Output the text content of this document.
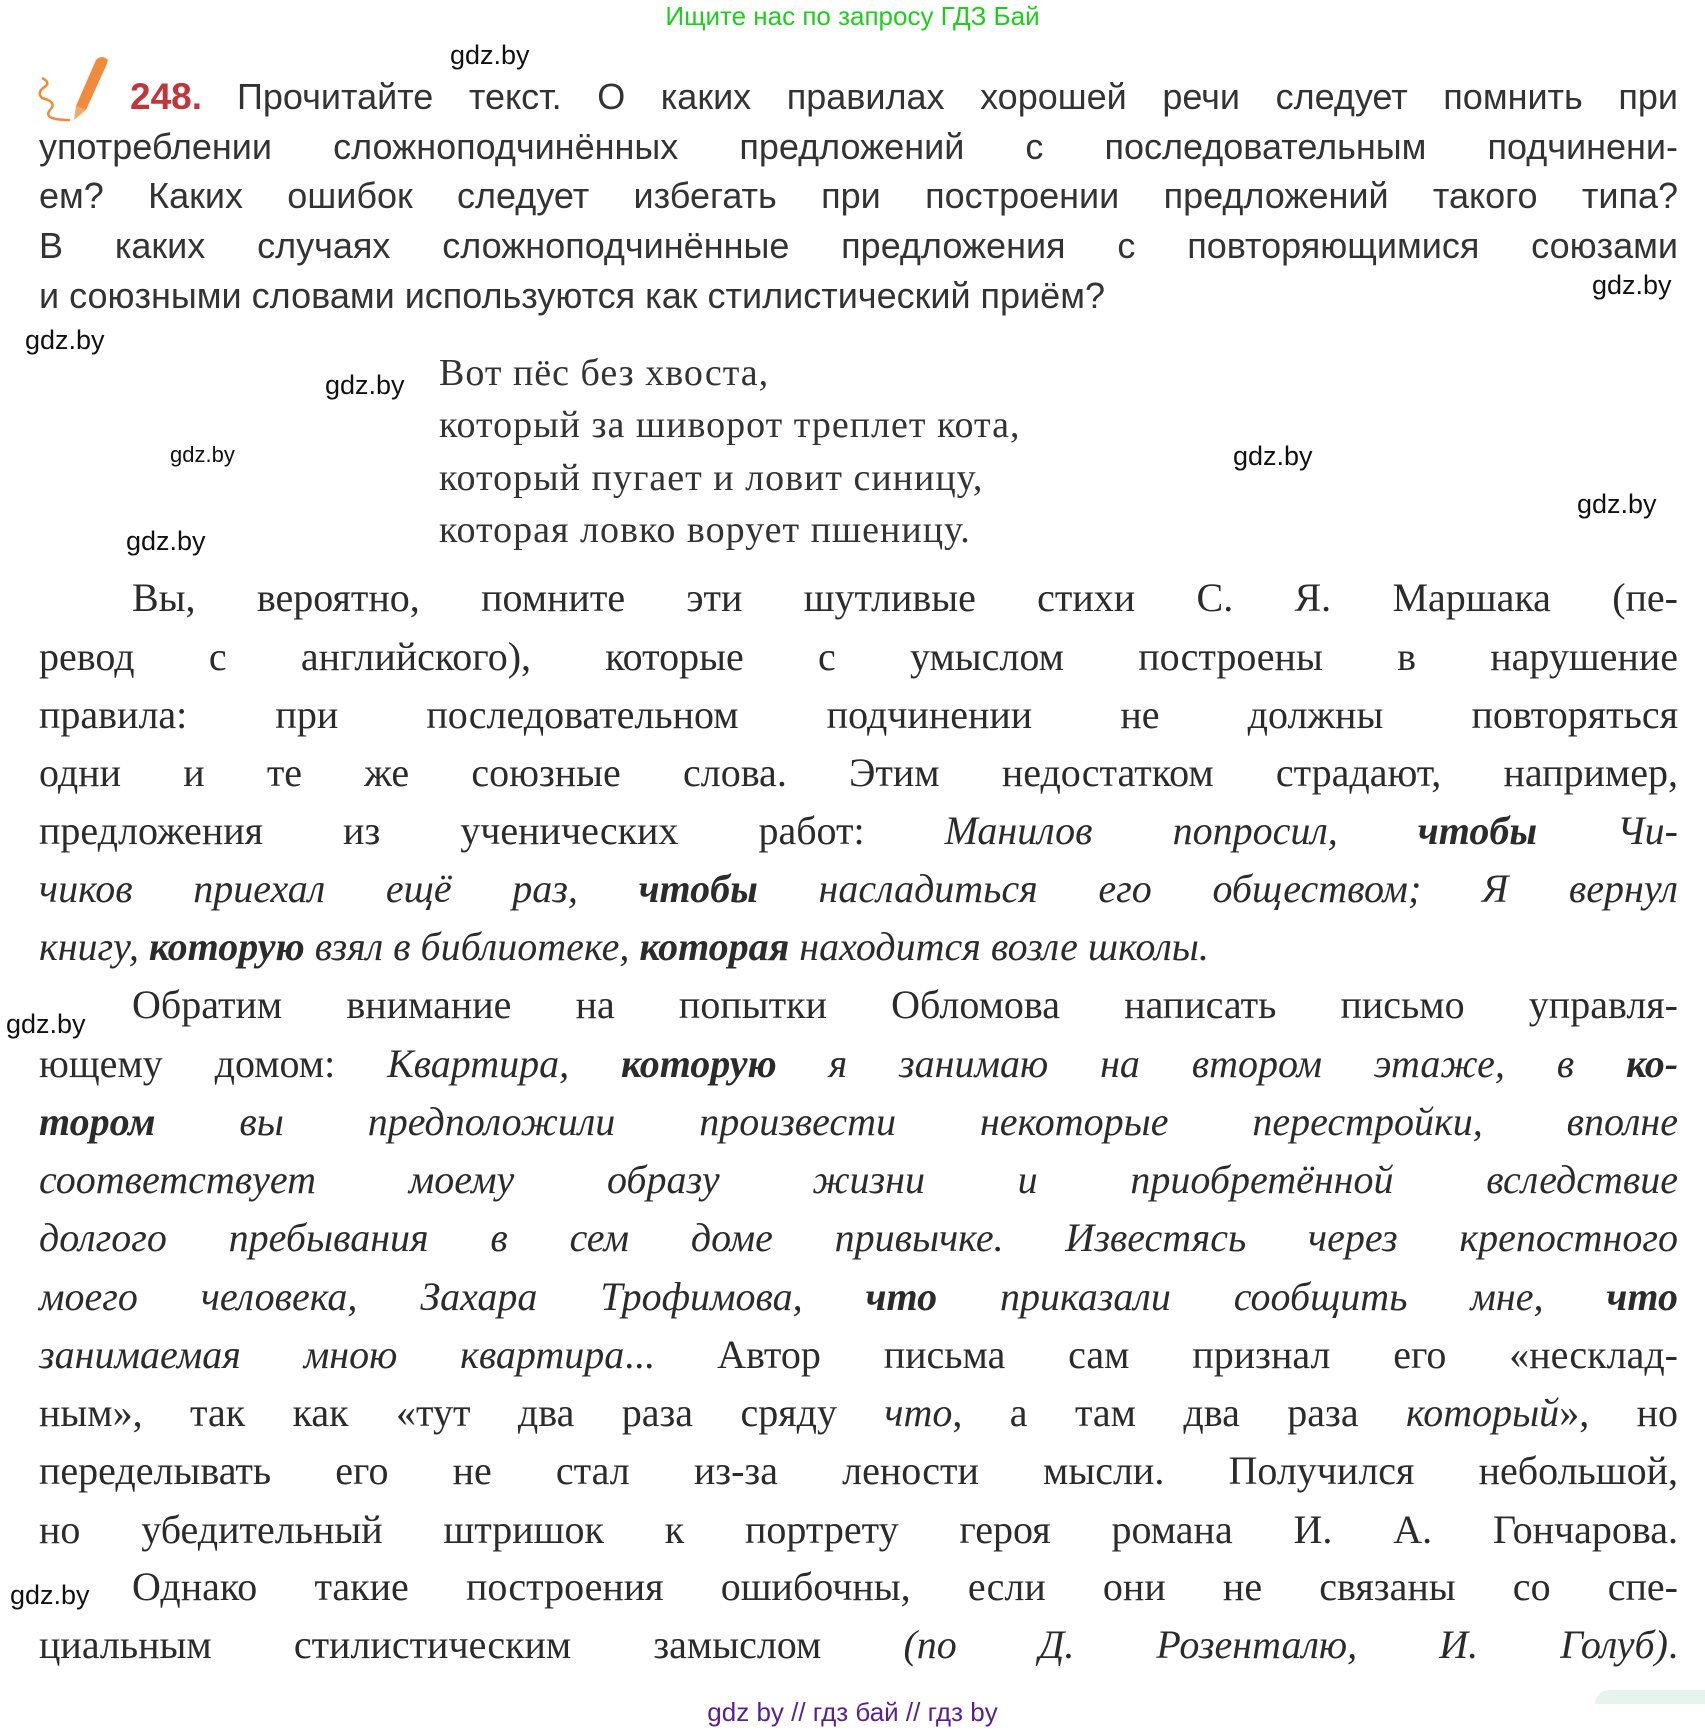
Ищите нас по запросу ГДЗ Бай
248. Прочитайте текст. О каких правилах хорошей речи следует помнить при
употреблении сложноподчинённых предложений с последовательным подчинени-
ем? Каких ошибок следует избегать при построении предложений такого типа?
В каких случаях сложноподчинённые предложения с повторяющимися союзами
и союзными словами используются как стилистический приём?
Вот пёс без хвоста,
который за шиворот треплет кота,
который пугает и ловит синицу,
которая ловко ворует пшеницу.
Вы, вероятно, помните эти шутливые стихи С. Я. Маршака (пе-
ревод с английского), которые с умыслом построены в нарушение
правила: при последовательном подчинении не должны повторяться
одни и те же союзные слова. Этим недостатком страдают, например,
предложения из ученических работ: Манилов попросил, чтобы Чи-
чиков приехал ещё раз, чтобы насладиться его обществом; Я вернул
книгу, которую взял в библиотеке, которая находится возле школы.
Обратим внимание на попытки Обломова написать письмо управля-
ющему домом: Квартира, которую я занимаю на втором этаже, в ко-
тором вы предположили произвести некоторые перестройки, вполне
соответствует моему образу жизни и приобретённой вследствие
долгого пребывания в сем доме привычке. Известясь через крепостного
моего человека, Захара Трофимова, что приказали сообщить мне, что
занимаемая мною квартира... Автор письма сам признал его «несклад-
ным», так как «тут два раза сряду что, а там два раза который», но
переделывать его не стал из-за лености мысли. Получился небольшой,
но убедительный штришок к портрету героя романа И. А. Гончарова.
Однако такие построения ошибочны, если они не связаны со спе-
циальным стилистическим замыслом (по Д. Розенталю, И. Голуб).
gdz.by
gdz.by
gdz.by
gdz.by
gdz.by
gdz.by
gdz.by
gdz.by
gdz.by
gdz.by
gdz by // гдз бай // гдз by
